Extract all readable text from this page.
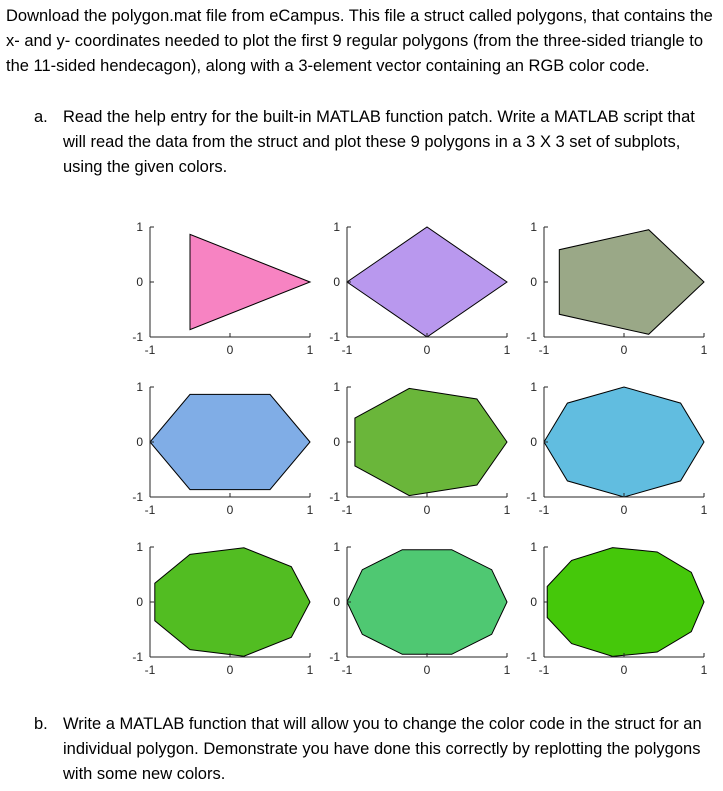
Download the polygon.mat file from eCampus. This file a struct called polygons, that contains the x- and y- coordinates needed to plot the first 9 regular polygons (from the three-sided triangle to the 11-sided hendecagon), along with a 3-element vector containing an RGB color code.

a. Read the help entry for the built-in MATLAB function patch. Write a MATLAB script that will read the data from the struct and plot these 9 polygons in a 3 X 3 set of subplots, using the given colors.
1
0
-1
-1	0	1
1
0
-1
-1	0	1
1
0
-1
-1	0	1
1
0
-1
-1	0	1
1
0
-1
-1	0	1
1
0
-1
-1	0	1
1
0
-1
-1	0	1
1
0
-1
-1	0	1
1
0
-1
-1	0	1
b. Write a MATLAB function that will allow you to change the color code in the struct for an individual polygon. Demonstrate you have done this correctly by replotting the polygons with some new colors.
